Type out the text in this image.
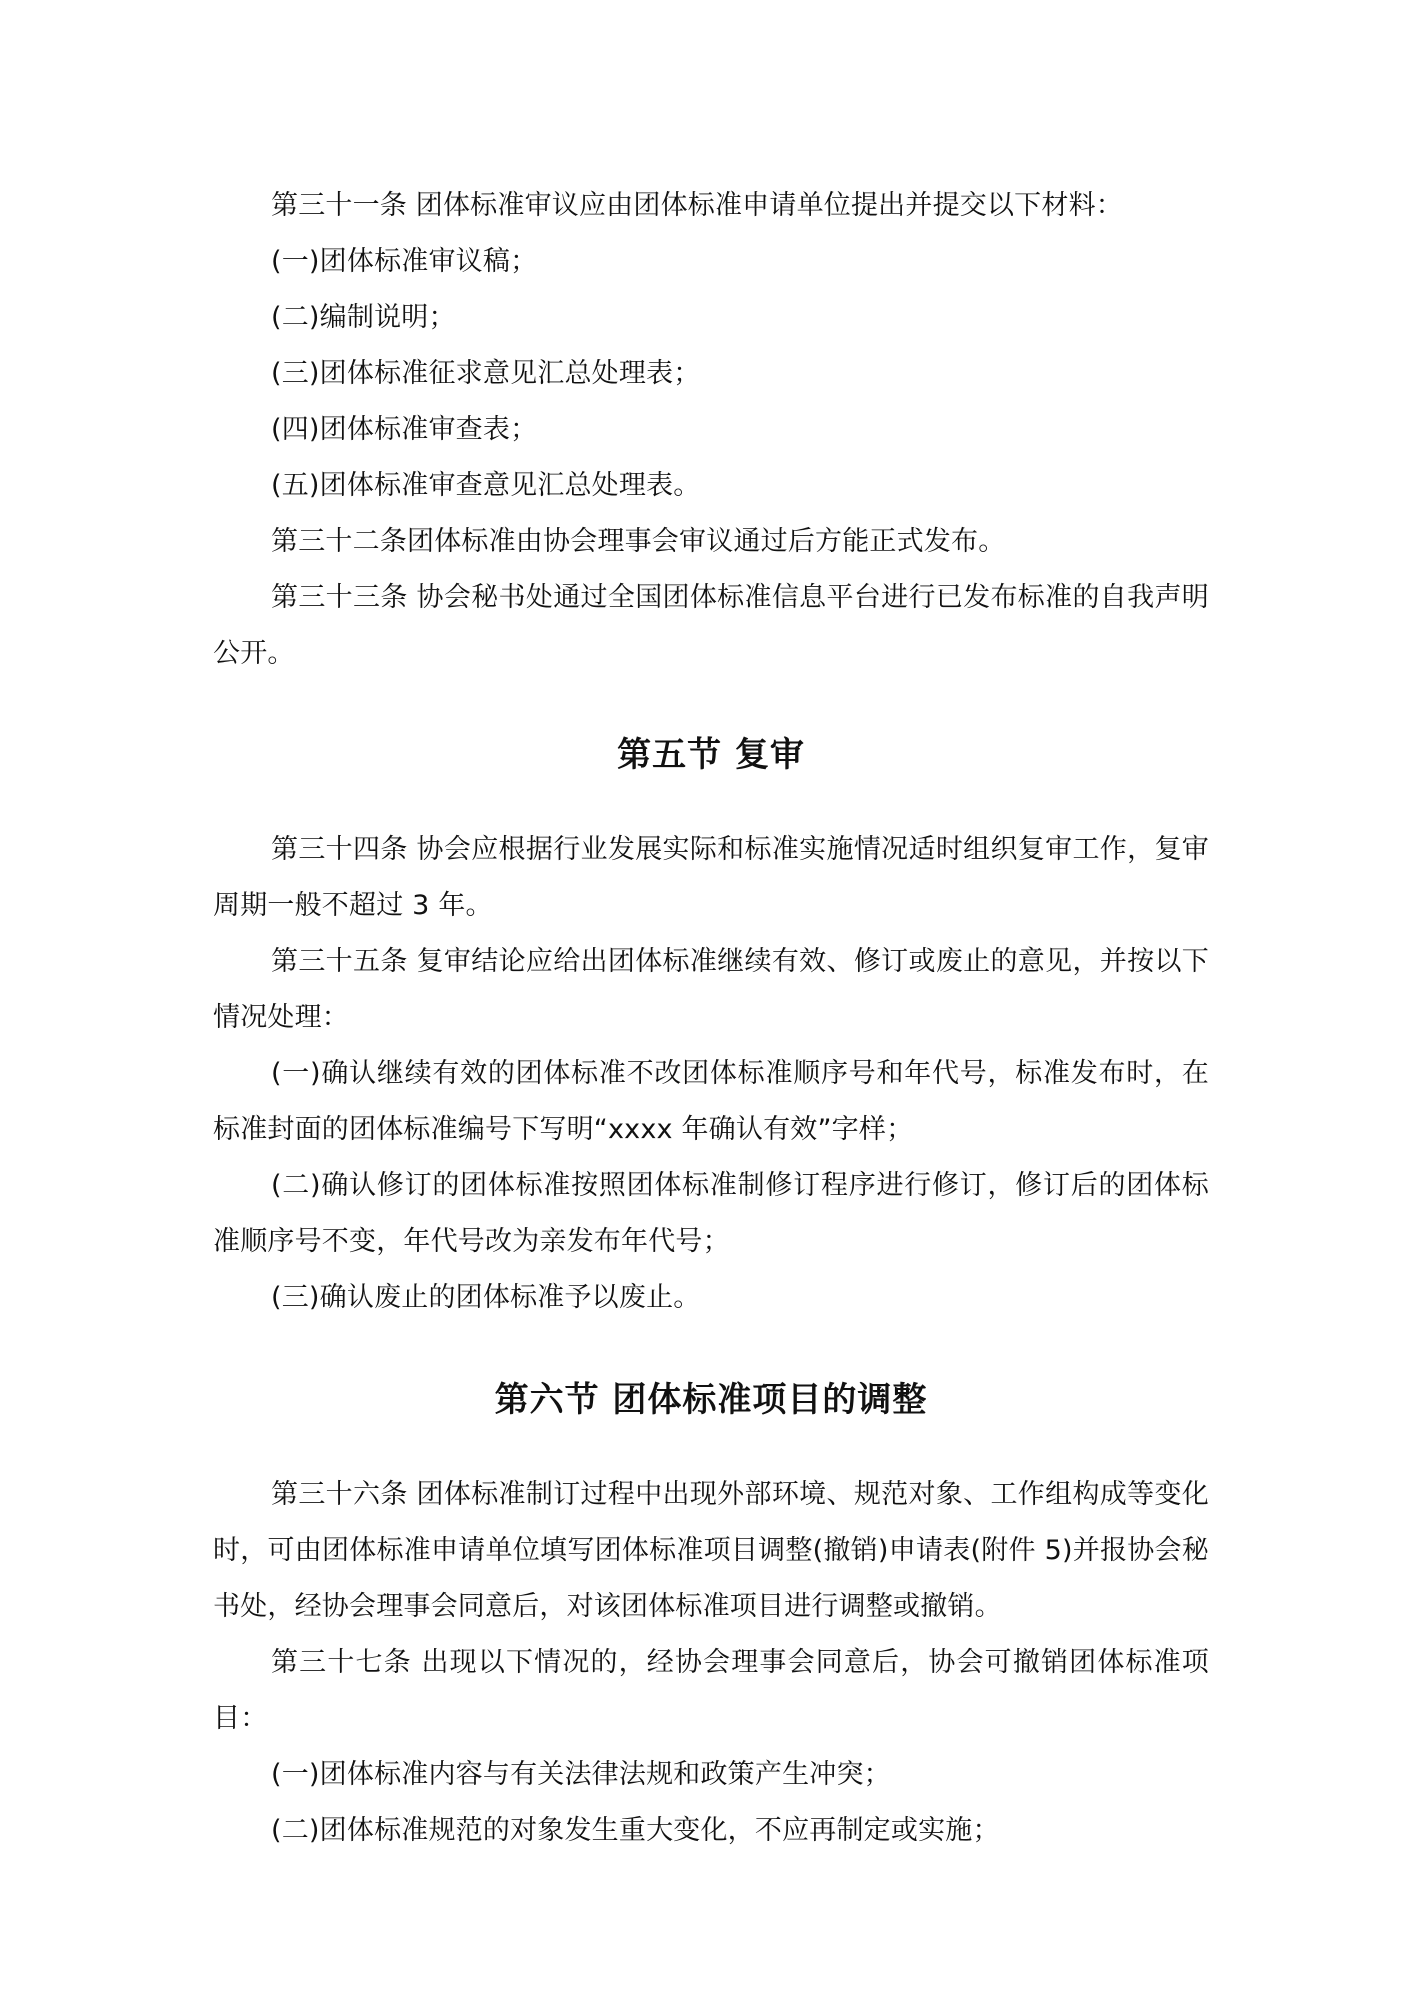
第三十一条 团体标准审议应由团体标准申请单位提出并提交以下材料：

(一)团体标准审议稿；

(二)编制说明；

(三)团体标准征求意见汇总处理表；

(四)团体标准审查表；

(五)团体标准审查意见汇总处理表。

第三十二条团体标准由协会理事会审议通过后方能正式发布。

第三十三条 协会秘书处通过全国团体标准信息平台进行已发布标准的自我声明公开。

第五节 复审

第三十四条 协会应根据行业发展实际和标准实施情况适时组织复审工作，复审周期一般不超过 3 年。

第三十五条 复审结论应给出团体标准继续有效、修订或废止的意见，并按以下情况处理：

(一)确认继续有效的团体标准不改团体标准顺序号和年代号，标准发布时，在标准封面的团体标准编号下写明“xxxx 年确认有效”字样；

(二)确认修订的团体标准按照团体标准制修订程序进行修订，修订后的团体标准顺序号不变，年代号改为亲发布年代号；

(三)确认废止的团体标准予以废止。

第六节 团体标准项目的调整

第三十六条 团体标准制订过程中出现外部环境、规范对象、工作组构成等变化时，可由团体标准申请单位填写团体标准项目调整(撤销)申请表(附件 5)并报协会秘书处，经协会理事会同意后，对该团体标准项目进行调整或撤销。

第三十七条 出现以下情况的，经协会理事会同意后，协会可撤销团体标准项目：

(一)团体标准内容与有关法律法规和政策产生冲突；

(二)团体标准规范的对象发生重大变化，不应再制定或实施；
